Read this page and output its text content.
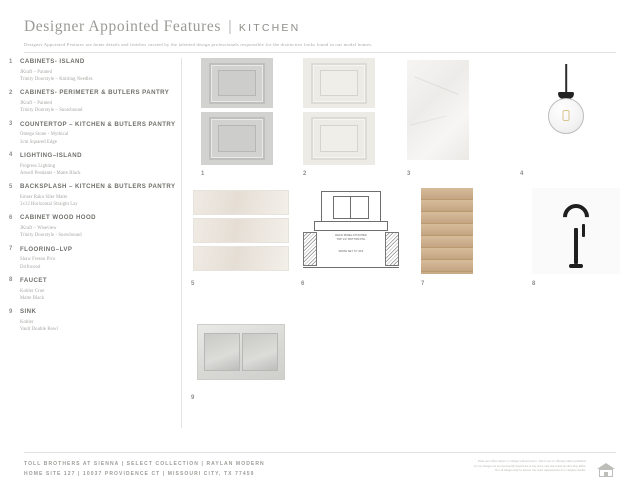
Designer Appointed Features | KITCHEN
Designer Appointed Features are home details and finishes curated by the talented design professionals responsible for the distinctive looks found in our model homes.
1 CABINETS- ISLAND
JKraft – Painted
Trinity Doorstyle – Knitting Needles
2 CABINETS- PERIMETER & BUTLERS PANTRY
JKraft – Painted
Trinity Doorstyle – Snowbound
3 COUNTERTOP – KITCHEN & BUTLERS PANTRY
Omega Stone - Mythical
3cm Squared Edge
4 LIGHTING–ISLAND
Progress Lighting
Atwell Pendants - Matte Black
5 BACKSPLASH – KITCHEN & BUTLERS PANTRY
Emser Raku Siler Matte
3x12 Horizontal Straight Lay
6 CABINET WOOD HOOD
JKraft – Wiseview
Trinity Doorstyle - Snowbound
7 FLOORING–LVP
Shaw Fresno Pico
Driftwood
8 FAUCET
Kohler Crue
Matte Black
9 SINK
Kohler
Vault Double Bowl
1	2	3	4
5
DECO PANEL ATTACHED
TOP 1/4" BOTTOM PNL
WOOD SET 72" AFF
6	7	8
9
TOLL BROTHERS AT SIENNA | SELECT COLLECTION | RAYLAN MODERN
HOME SITE 127 | 10037 PROVIDENCE CT | MISSOURI CITY, TX 77459
Plans and offers subject to change without notice. This is not an offering where prohibited
by law. Images are not necessarily depictions of any price, size and actual product may differ.
Not all images may be shown. See sales representative for complete details.
